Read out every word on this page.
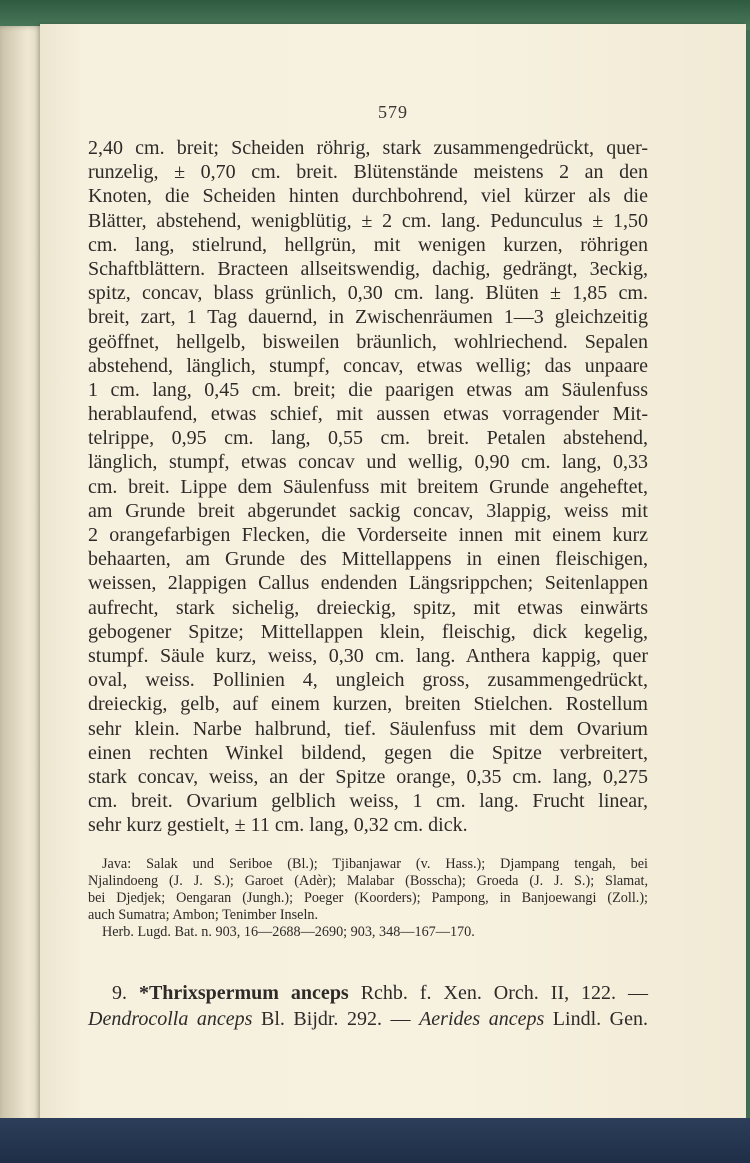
579
2,40 cm. breit; Scheiden röhrig, stark zusammengedrückt, quer-
runzelig, ± 0,70 cm. breit. Blütenstände meistens 2 an den
Knoten, die Scheiden hinten durchbohrend, viel kürzer als die
Blätter, abstehend, wenigblütig, ± 2 cm. lang. Pedunculus ± 1,50
cm. lang, stielrund, hellgrün, mit wenigen kurzen, röhrigen
Schaftblättern. Bracteen allseitswendig, dachig, gedrängt, 3eckig,
spitz, concav, blass grünlich, 0,30 cm. lang. Blüten ± 1,85 cm.
breit, zart, 1 Tag dauernd, in Zwischenräumen 1—3 gleichzeitig
geöffnet, hellgelb, bisweilen bräunlich, wohlriechend. Sepalen
abstehend, länglich, stumpf, concav, etwas wellig; das unpaare
1 cm. lang, 0,45 cm. breit; die paarigen etwas am Säulenfuss
herablaufend, etwas schief, mit aussen etwas vorragender Mit-
telrippe, 0,95 cm. lang, 0,55 cm. breit. Petalen abstehend,
länglich, stumpf, etwas concav und wellig, 0,90 cm. lang, 0,33
cm. breit. Lippe dem Säulenfuss mit breitem Grunde angeheftet,
am Grunde breit abgerundet sackig concav, 3lappig, weiss mit
2 orangefarbigen Flecken, die Vorderseite innen mit einem kurz
behaarten, am Grunde des Mittellappens in einen fleischigen,
weissen, 2lappigen Callus endenden Längsrippchen; Seitenlappen
aufrecht, stark sichelig, dreieckig, spitz, mit etwas einwärts
gebogener Spitze; Mittellappen klein, fleischig, dick kegelig,
stumpf. Säule kurz, weiss, 0,30 cm. lang. Anthera kappig, quer
oval, weiss. Pollinien 4, ungleich gross, zusammengedrückt,
dreieckig, gelb, auf einem kurzen, breiten Stielchen. Rostellum
sehr klein. Narbe halbrund, tief. Säulenfuss mit dem Ovarium
einen rechten Winkel bildend, gegen die Spitze verbreitert,
stark concav, weiss, an der Spitze orange, 0,35 cm. lang, 0,275
cm. breit. Ovarium gelblich weiss, 1 cm. lang. Frucht linear,
sehr kurz gestielt, ± 11 cm. lang, 0,32 cm. dick.
Java: Salak und Seriboe (Bl.); Tjibanjawar (v. Hass.); Djampang tengah, bei
Njalindoeng (J. J. S.); Garoet (Adèr); Malabar (Bosscha); Groeda (J. J. S.); Slamat,
bei Djedjek; Oengaran (Jungh.); Poeger (Koorders); Pampong, in Banjoewangi (Zoll.);
auch Sumatra; Ambon; Tenimber Inseln.
Herb. Lugd. Bat. n. 903, 16—2688—2690; 903, 348—167—170.
9. *Thrixspermum anceps Rchb. f. Xen. Orch. II, 122. —
Dendrocolla anceps Bl. Bijdr. 292. — Aerides anceps Lindl. Gen.
